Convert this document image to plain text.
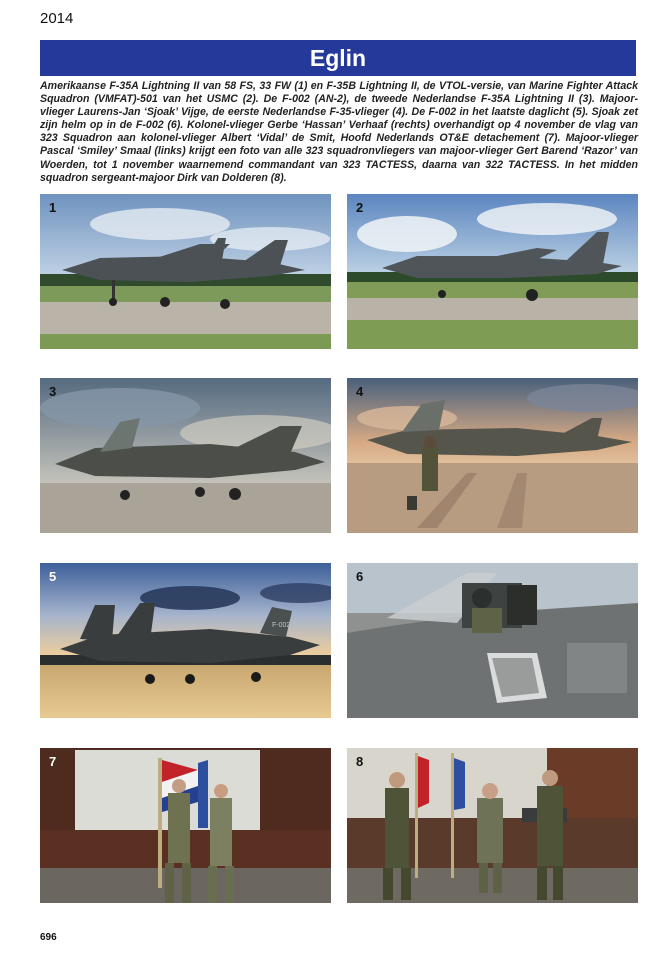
2014
Eglin

Amerikaanse F-35A Lightning II van 58 FS, 33 FW (1) en F-35B Lightning II, de VTOL-versie, van Marine Fighter Attack Squadron (VMFAT)-501 van het USMC (2). De F-002 (AN-2), de tweede Nederlandse F-35A Lightning II (3). Majoor-vlieger Laurens-Jan ‘Sjoak’ Vijge, de eerste Nederlandse F-35-vlieger (4). De F-002 in het laatste daglicht (5). Sjoak zet zijn helm op in de F-002 (6). Kolonel-vlieger Gerbe ‘Hassan’ Verhaaf (rechts) overhandigt op 4 november de vlag van 323 Squadron aan kolonel-vlieger Albert ‘Vidal’ de Smit, Hoofd Nederlands OT&E detachement (7). Majoor-vlieger Pascal ‘Smiley’ Smaal (links) krijgt een foto van alle 323 squadronvliegers van majoor-vlieger Gert Barend ‘Razor’ van Woerden, tot 1 november waarnemend commandant van 323 TACTESS, daarna van 322 TACTESS. In het midden squadron sergeant-majoor Dirk van Dolderen (8).

1	2
3	4
F-002
5	6
7	8
696
